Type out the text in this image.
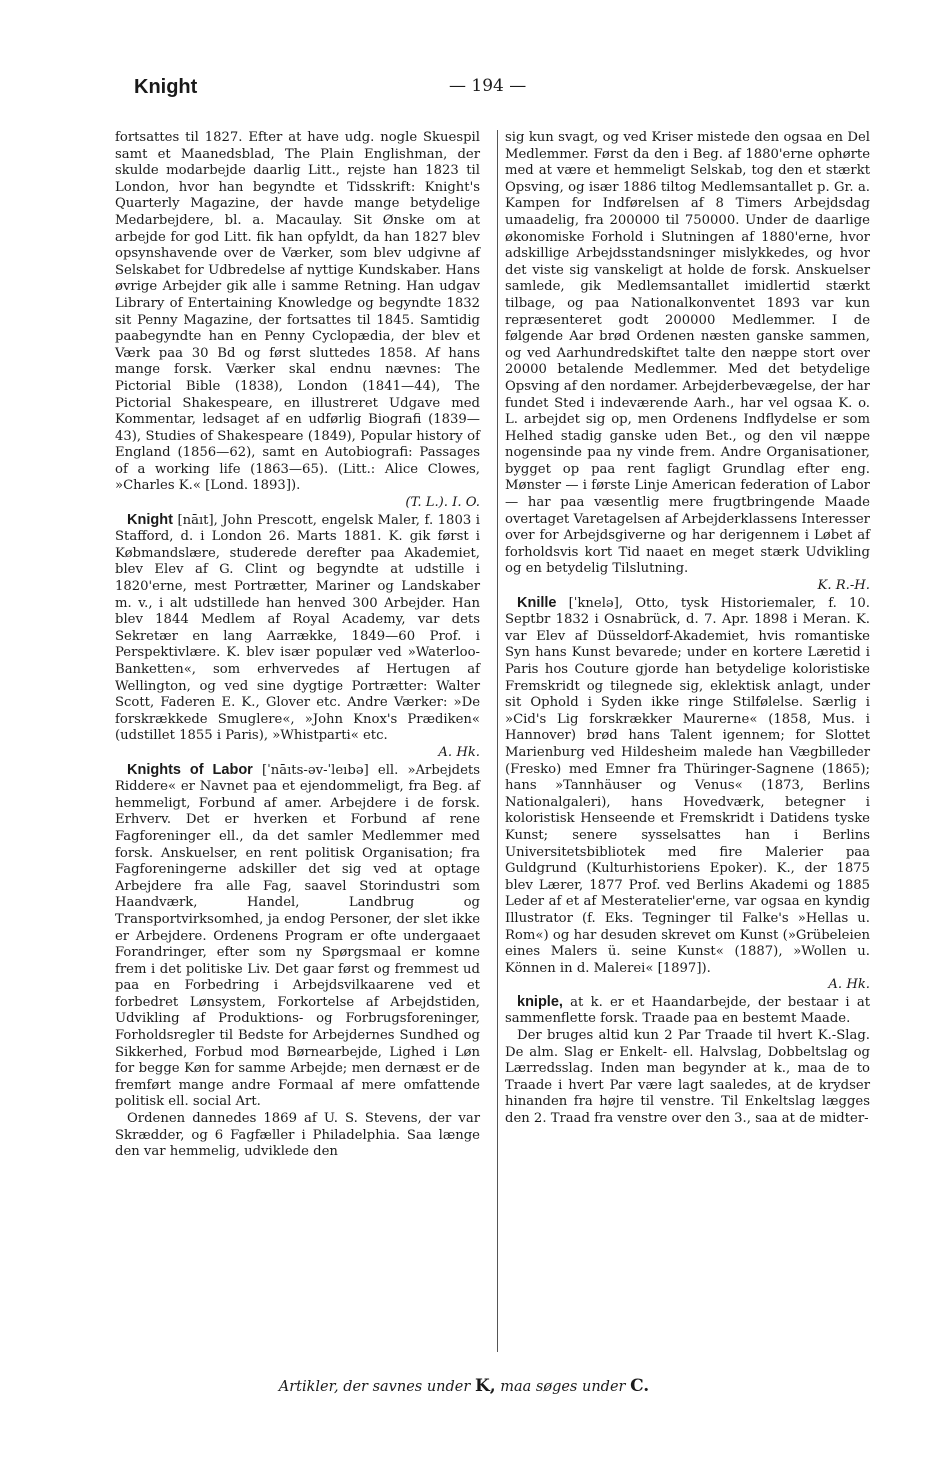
Knight	— 194 —

fortsattes til 1827. Efter at have udg. nogle Skuespil samt et Maanedsblad, The Plain Englishman, der skulde modarbejde daarlig Litt., rejste han 1823 til London, hvor han begyndte et Tidsskrift: Knight's Quarterly Magazine, der havde mange betydelige Medarbejdere, bl. a. Macaulay. Sit Ønske om at arbejde for god Litt. fik han opfyldt, da han 1827 blev opsynshavende over de Værker, som blev udgivne af Selskabet for Udbredelse af nyttige Kundskaber. Hans øvrige Arbejder gik alle i samme Retning. Han udgav Library of Entertaining Knowledge og begyndte 1832 sit Penny Magazine, der fortsattes til 1845. Samtidig paabegyndte han en Penny Cyclopædia, der blev et Værk paa 30 Bd og først sluttedes 1858. Af hans mange forsk. Værker skal endnu nævnes: The Pictorial Bible (1838), London (1841—44), The Pictorial Shakespeare, en illustreret Udgave med Kommentar, ledsaget af en udførlig Biografi (1839—43), Studies of Shakespeare (1849), Popular history of England (1856—62), samt en Autobiografi: Passages of a working life (1863—65). (Litt.: Alice Clowes, »Charles K.« [Lond. 1893]).

(T. L.). I. O.

Knight [nāıt], John Prescott, engelsk Maler, f. 1803 i Stafford, d. i London 26. Marts 1881. K. gik først i Købmandslære, studerede derefter paa Akademiet, blev Elev af G. Clint og begyndte at udstille i 1820'erne, mest Portrætter, Mariner og Landskaber m. v., i alt udstillede han henved 300 Arbejder. Han blev 1844 Medlem af Royal Academy, var dets Sekretær en lang Aarrække, 1849—60 Prof. i Perspektivlære. K. blev især populær ved »Waterloo-Banketten«, som erhvervedes af Hertugen af Wellington, og ved sine dygtige Portrætter: Walter Scott, Faderen E. K., Glover etc. Andre Værker: »De forskrækkede Smuglere«, »John Knox's Prædiken« (udstillet 1855 i Paris), »Whistparti« etc.

A. Hk.

Knights of Labor [ˈnāıts-əv-ˈleıbə] ell. »Arbejdets Riddere« er Navnet paa et ejendommeligt, fra Beg. af hemmeligt, Forbund af amer. Arbejdere i de forsk. Erhverv. Det er hverken et Forbund af rene Fagforeninger ell., da det samler Medlemmer med forsk. Anskuelser, en rent politisk Organisation; fra Fagforeningerne adskiller det sig ved at optage Arbejdere fra alle Fag, saavel Storindustri som Haandværk, Handel, Landbrug og Transportvirksomhed, ja endog Personer, der slet ikke er Arbejdere. Ordenens Program er ofte undergaaet Forandringer, efter som ny Spørgsmaal er komne frem i det politiske Liv. Det gaar først og fremmest ud paa en Forbedring i Arbejdsvilkaarene ved et forbedret Lønsystem, Forkortelse af Arbejdstiden, Udvikling af Produktions- og Forbrugsforeninger, Forholdsregler til Bedste for Arbejdernes Sundhed og Sikkerhed, Forbud mod Børnearbejde, Lighed i Løn for begge Køn for samme Arbejde; men dernæst er de fremført mange andre Formaal af mere omfattende politisk ell. social Art.

Ordenen dannedes 1869 af U. S. Stevens, der var Skrædder, og 6 Fagfæller i Philadelphia. Saa længe den var hemmelig, udviklede den

sig kun svagt, og ved Kriser mistede den ogsaa en Del Medlemmer. Først da den i Beg. af 1880'erne ophørte med at være et hemmeligt Selskab, tog den et stærkt Opsving, og især 1886 tiltog Medlemsantallet p. Gr. a. Kampen for Indførelsen af 8 Timers Arbejdsdag umaadelig, fra 200000 til 750000. Under de daarlige økonomiske Forhold i Slutningen af 1880'erne, hvor adskillige Arbejdsstandsninger mislykkedes, og hvor det viste sig vanskeligt at holde de forsk. Anskuelser samlede, gik Medlemsantallet imidlertid stærkt tilbage, og paa Nationalkonventet 1893 var kun repræsenteret godt 200000 Medlemmer. I de følgende Aar brød Ordenen næsten ganske sammen, og ved Aarhundredskiftet talte den næppe stort over 20000 betalende Medlemmer. Med det betydelige Opsving af den nordamer. Arbejderbevægelse, der har fundet Sted i indeværende Aarh., har vel ogsaa K. o. L. arbejdet sig op, men Ordenens Indflydelse er som Helhed stadig ganske uden Bet., og den vil næppe nogensinde paa ny vinde frem. Andre Organisationer, bygget op paa rent fagligt Grundlag efter eng. Mønster — i første Linje American federation of Labor — har paa væsentlig mere frugtbringende Maade overtaget Varetagelsen af Arbejderklassens Interesser over for Arbejdsgiverne og har derigennem i Løbet af forholdsvis kort Tid naaet en meget stærk Udvikling og en betydelig Tilslutning.

K. R.-H.

Knille [ˈknelə], Otto, tysk Historiemaler, f. 10. Septbr 1832 i Osnabrück, d. 7. Apr. 1898 i Meran. K. var Elev af Düsseldorf-Akademiet, hvis romantiske Syn hans Kunst bevarede; under en kortere Læretid i Paris hos Couture gjorde han betydelige koloristiske Fremskridt og tilegnede sig, eklektisk anlagt, under sit Ophold i Syden ikke ringe Stilfølelse. Særlig i »Cid's Lig forskrækker Maurerne« (1858, Mus. i Hannover) brød hans Talent igennem; for Slottet Marienburg ved Hildesheim malede han Vægbilleder (Fresko) med Emner fra Thüringer-Sagnene (1865); hans »Tannhäuser og Venus« (1873, Berlins Nationalgaleri), hans Hovedværk, betegner i koloristisk Henseende et Fremskridt i Datidens tyske Kunst; senere sysselsattes han i Berlins Universitetsbibliotek med fire Malerier paa Guldgrund (Kulturhistoriens Epoker). K., der 1875 blev Lærer, 1877 Prof. ved Berlins Akademi og 1885 Leder af et af Mesteratelier'erne, var ogsaa en kyndig Illustrator (f. Eks. Tegninger til Falke's »Hellas u. Rom«) og har desuden skrevet om Kunst (»Grübeleien eines Malers ü. seine Kunst« (1887), »Wollen u. Können in d. Malerei« [1897]).

A. Hk.

kniple, at k. er et Haandarbejde, der bestaar i at sammenflette forsk. Traade paa en bestemt Maade.

Der bruges altid kun 2 Par Traade til hvert K.-Slag. De alm. Slag er Enkelt- ell. Halvslag, Dobbeltslag og Lærredsslag. Inden man begynder at k., maa de to Traade i hvert Par være lagt saaledes, at de krydser hinanden fra højre til venstre. Til Enkeltslag lægges den 2. Traad fra venstre over den 3., saa at de midter-

Artikler, der savnes under K, maa søges under C.
